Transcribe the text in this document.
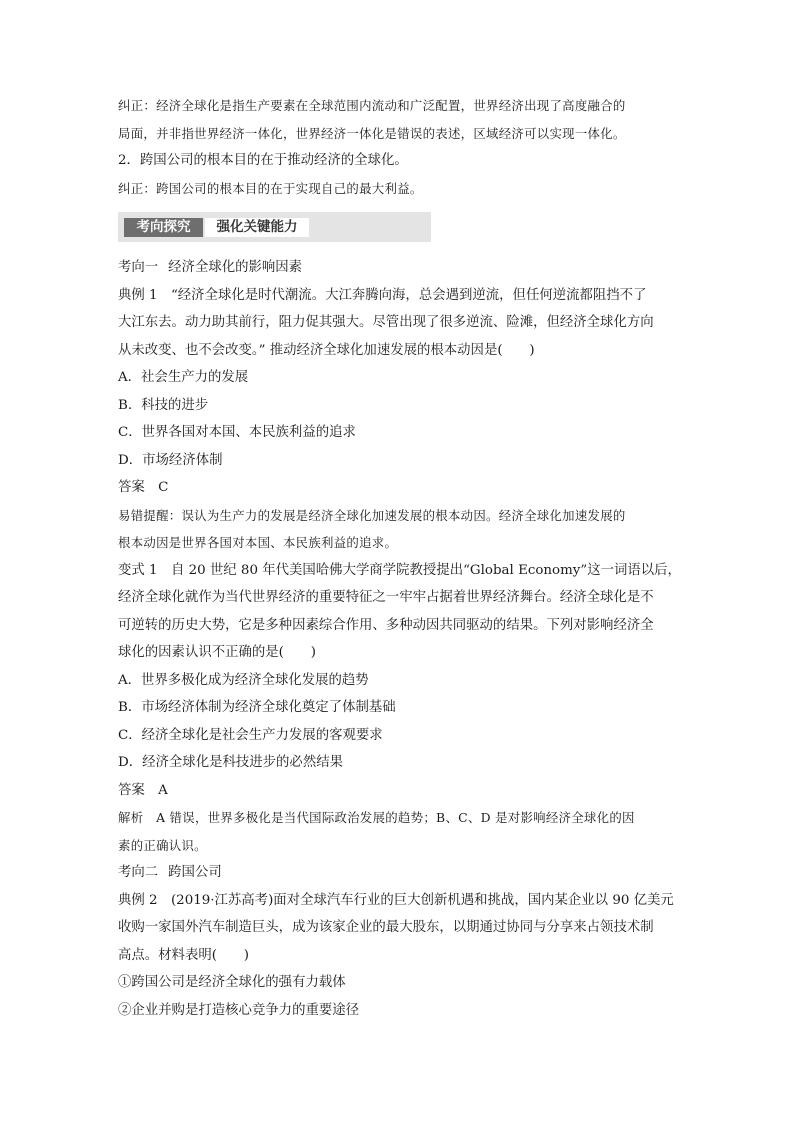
纠正：经济全球化是指生产要素在全球范围内流动和广泛配置，世界经济出现了高度融合的
局面，并非指世界经济一体化，世界经济一体化是错误的表述，区域经济可以实现一体化。
2．跨国公司的根本目的在于推动经济的全球化。
纠正：跨国公司的根本目的在于实现自己的最大利益。
考向探究	强化关键能力
考向一 经济全球化的影响因素
典例 1　“经济全球化是时代潮流。大江奔腾向海，总会遇到逆流，但任何逆流都阻挡不了
大江东去。动力助其前行，阻力促其强大。尽管出现了很多逆流、险滩，但经济全球化方向
从未改变、也不会改变。” 推动经济全球化加速发展的根本动因是(　　)
A．社会生产力的发展
B．科技的进步
C．世界各国对本国、本民族利益的追求
D．市场经济体制
答案　C
易错提醒：误认为生产力的发展是经济全球化加速发展的根本动因。经济全球化加速发展的
根本动因是世界各国对本国、本民族利益的追求。
变式 1　自 20 世纪 80 年代美国哈佛大学商学院教授提出“Global Economy”这一词语以后，
经济全球化就作为当代世界经济的重要特征之一牢牢占据着世界经济舞台。经济全球化是不
可逆转的历史大势，它是多种因素综合作用、多种动因共同驱动的结果。下列对影响经济全
球化的因素认识不正确的是(　　)
A．世界多极化成为经济全球化发展的趋势
B．市场经济体制为经济全球化奠定了体制基础
C．经济全球化是社会生产力发展的客观要求
D．经济全球化是科技进步的必然结果
答案　A
解析　A 错误，世界多极化是当代国际政治发展的趋势；B、C、D 是对影响经济全球化的因
素的正确认识。
考向二 跨国公司
典例 2　(2019·江苏高考)面对全球汽车行业的巨大创新机遇和挑战，国内某企业以 90 亿美元
收购一家国外汽车制造巨头，成为该家企业的最大股东，以期通过协同与分享来占领技术制
高点。材料表明(　　)
①跨国公司是经济全球化的强有力载体
②企业并购是打造核心竞争力的重要途径
